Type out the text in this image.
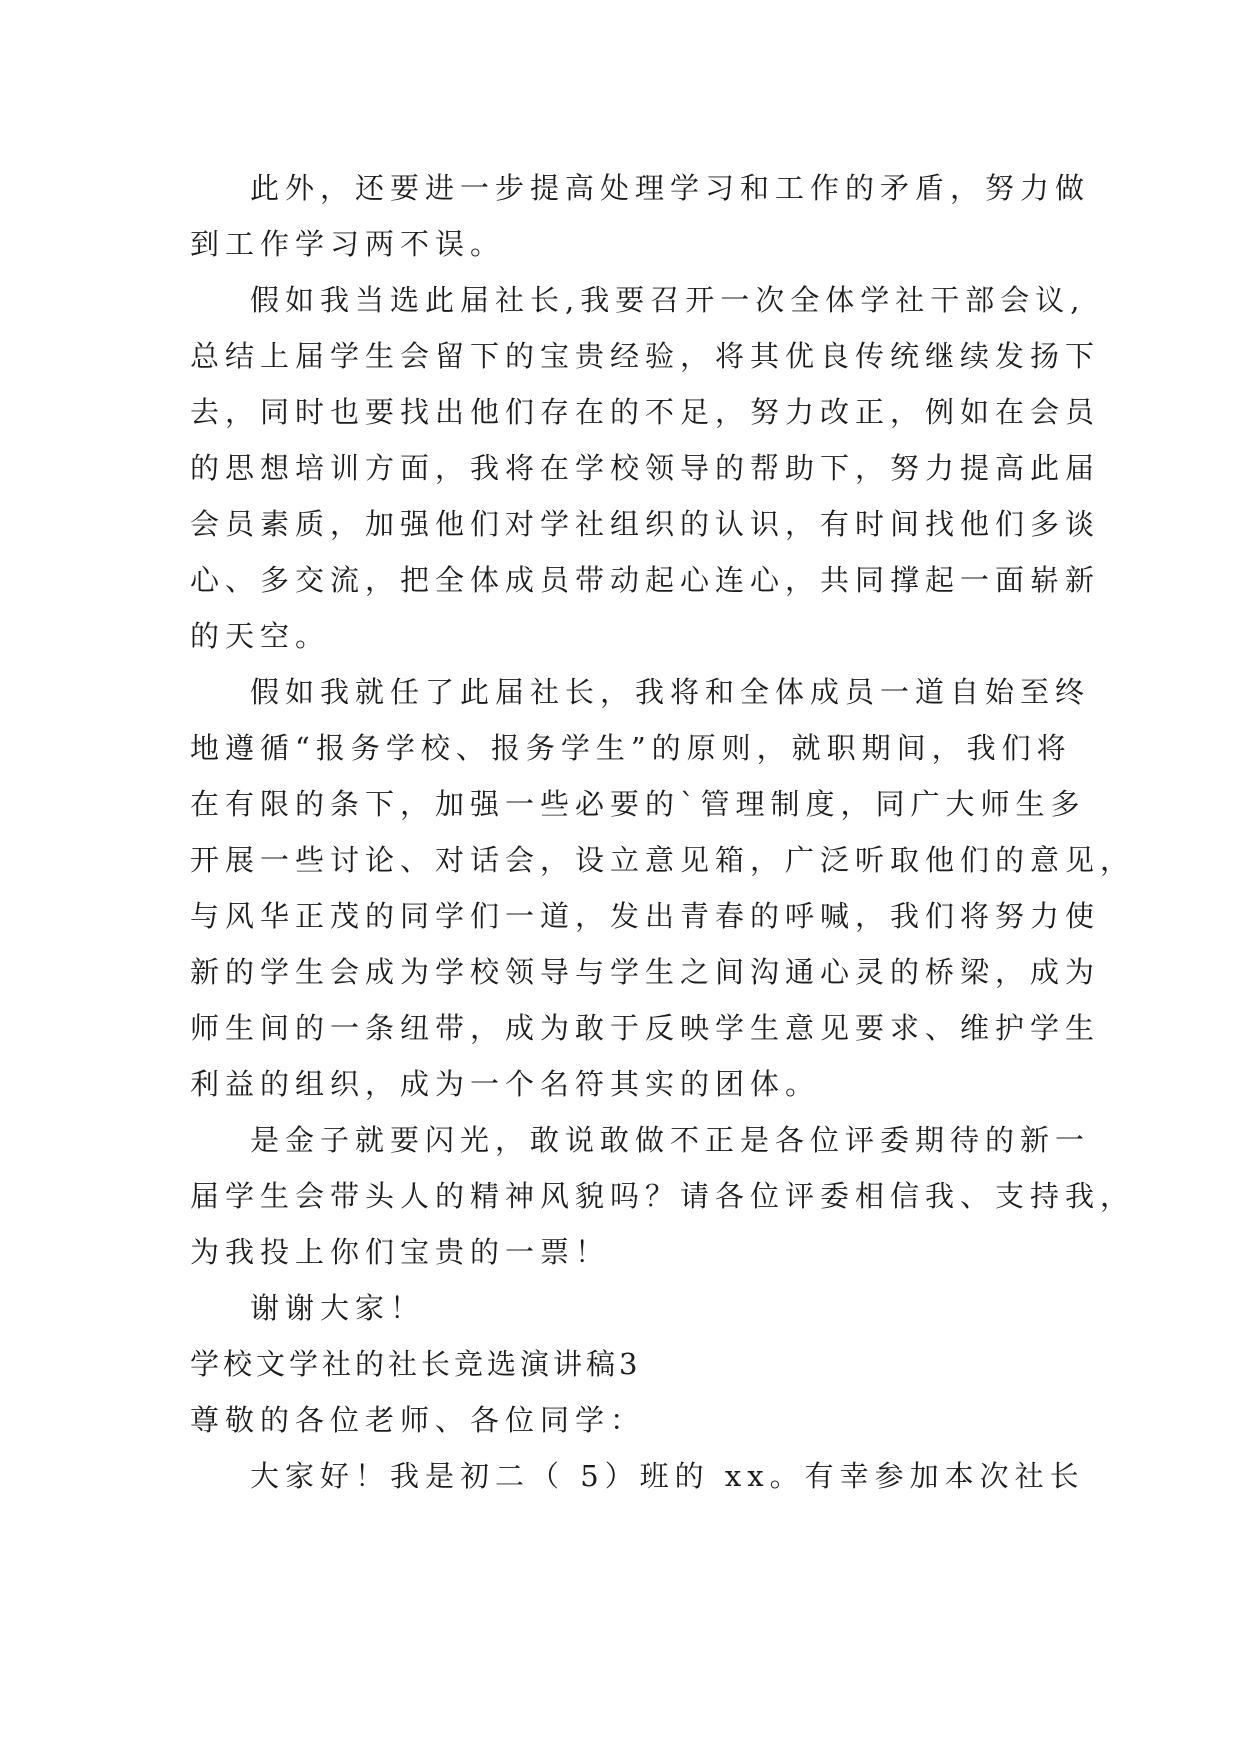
此外，还要进一步提高处理学习和工作的矛盾，努力做
到工作学习两不误。
假如我当选此届社长,我要召开一次全体学社干部会议,
总结上届学生会留下的宝贵经验，将其优良传统继续发扬下
去，同时也要找出他们存在的不足，努力改正，例如在会员
的思想培训方面，我将在学校领导的帮助下，努力提高此届
会员素质，加强他们对学社组织的认识，有时间找他们多谈
心、多交流，把全体成员带动起心连心，共同撑起一面崭新
的天空。
假如我就任了此届社长，我将和全体成员一道自始至终
地遵循“报务学校、报务学生”的原则，就职期间，我们将
在有限的条下，加强一些必要的`管理制度，同广大师生多
开展一些讨论、对话会，设立意见箱，广泛听取他们的意见，
与风华正茂的同学们一道，发出青春的呼喊，我们将努力使
新的学生会成为学校领导与学生之间沟通心灵的桥梁，成为
师生间的一条纽带，成为敢于反映学生意见要求、维护学生
利益的组织，成为一个名符其实的团体。
是金子就要闪光，敢说敢做不正是各位评委期待的新一
届学生会带头人的精神风貌吗？请各位评委相信我、支持我，
为我投上你们宝贵的一票！
谢谢大家！
学校文学社的社长竞选演讲稿3
尊敬的各位老师、各位同学：
大家好！我是初二（ 5）班的 xx。有幸参加本次社长
